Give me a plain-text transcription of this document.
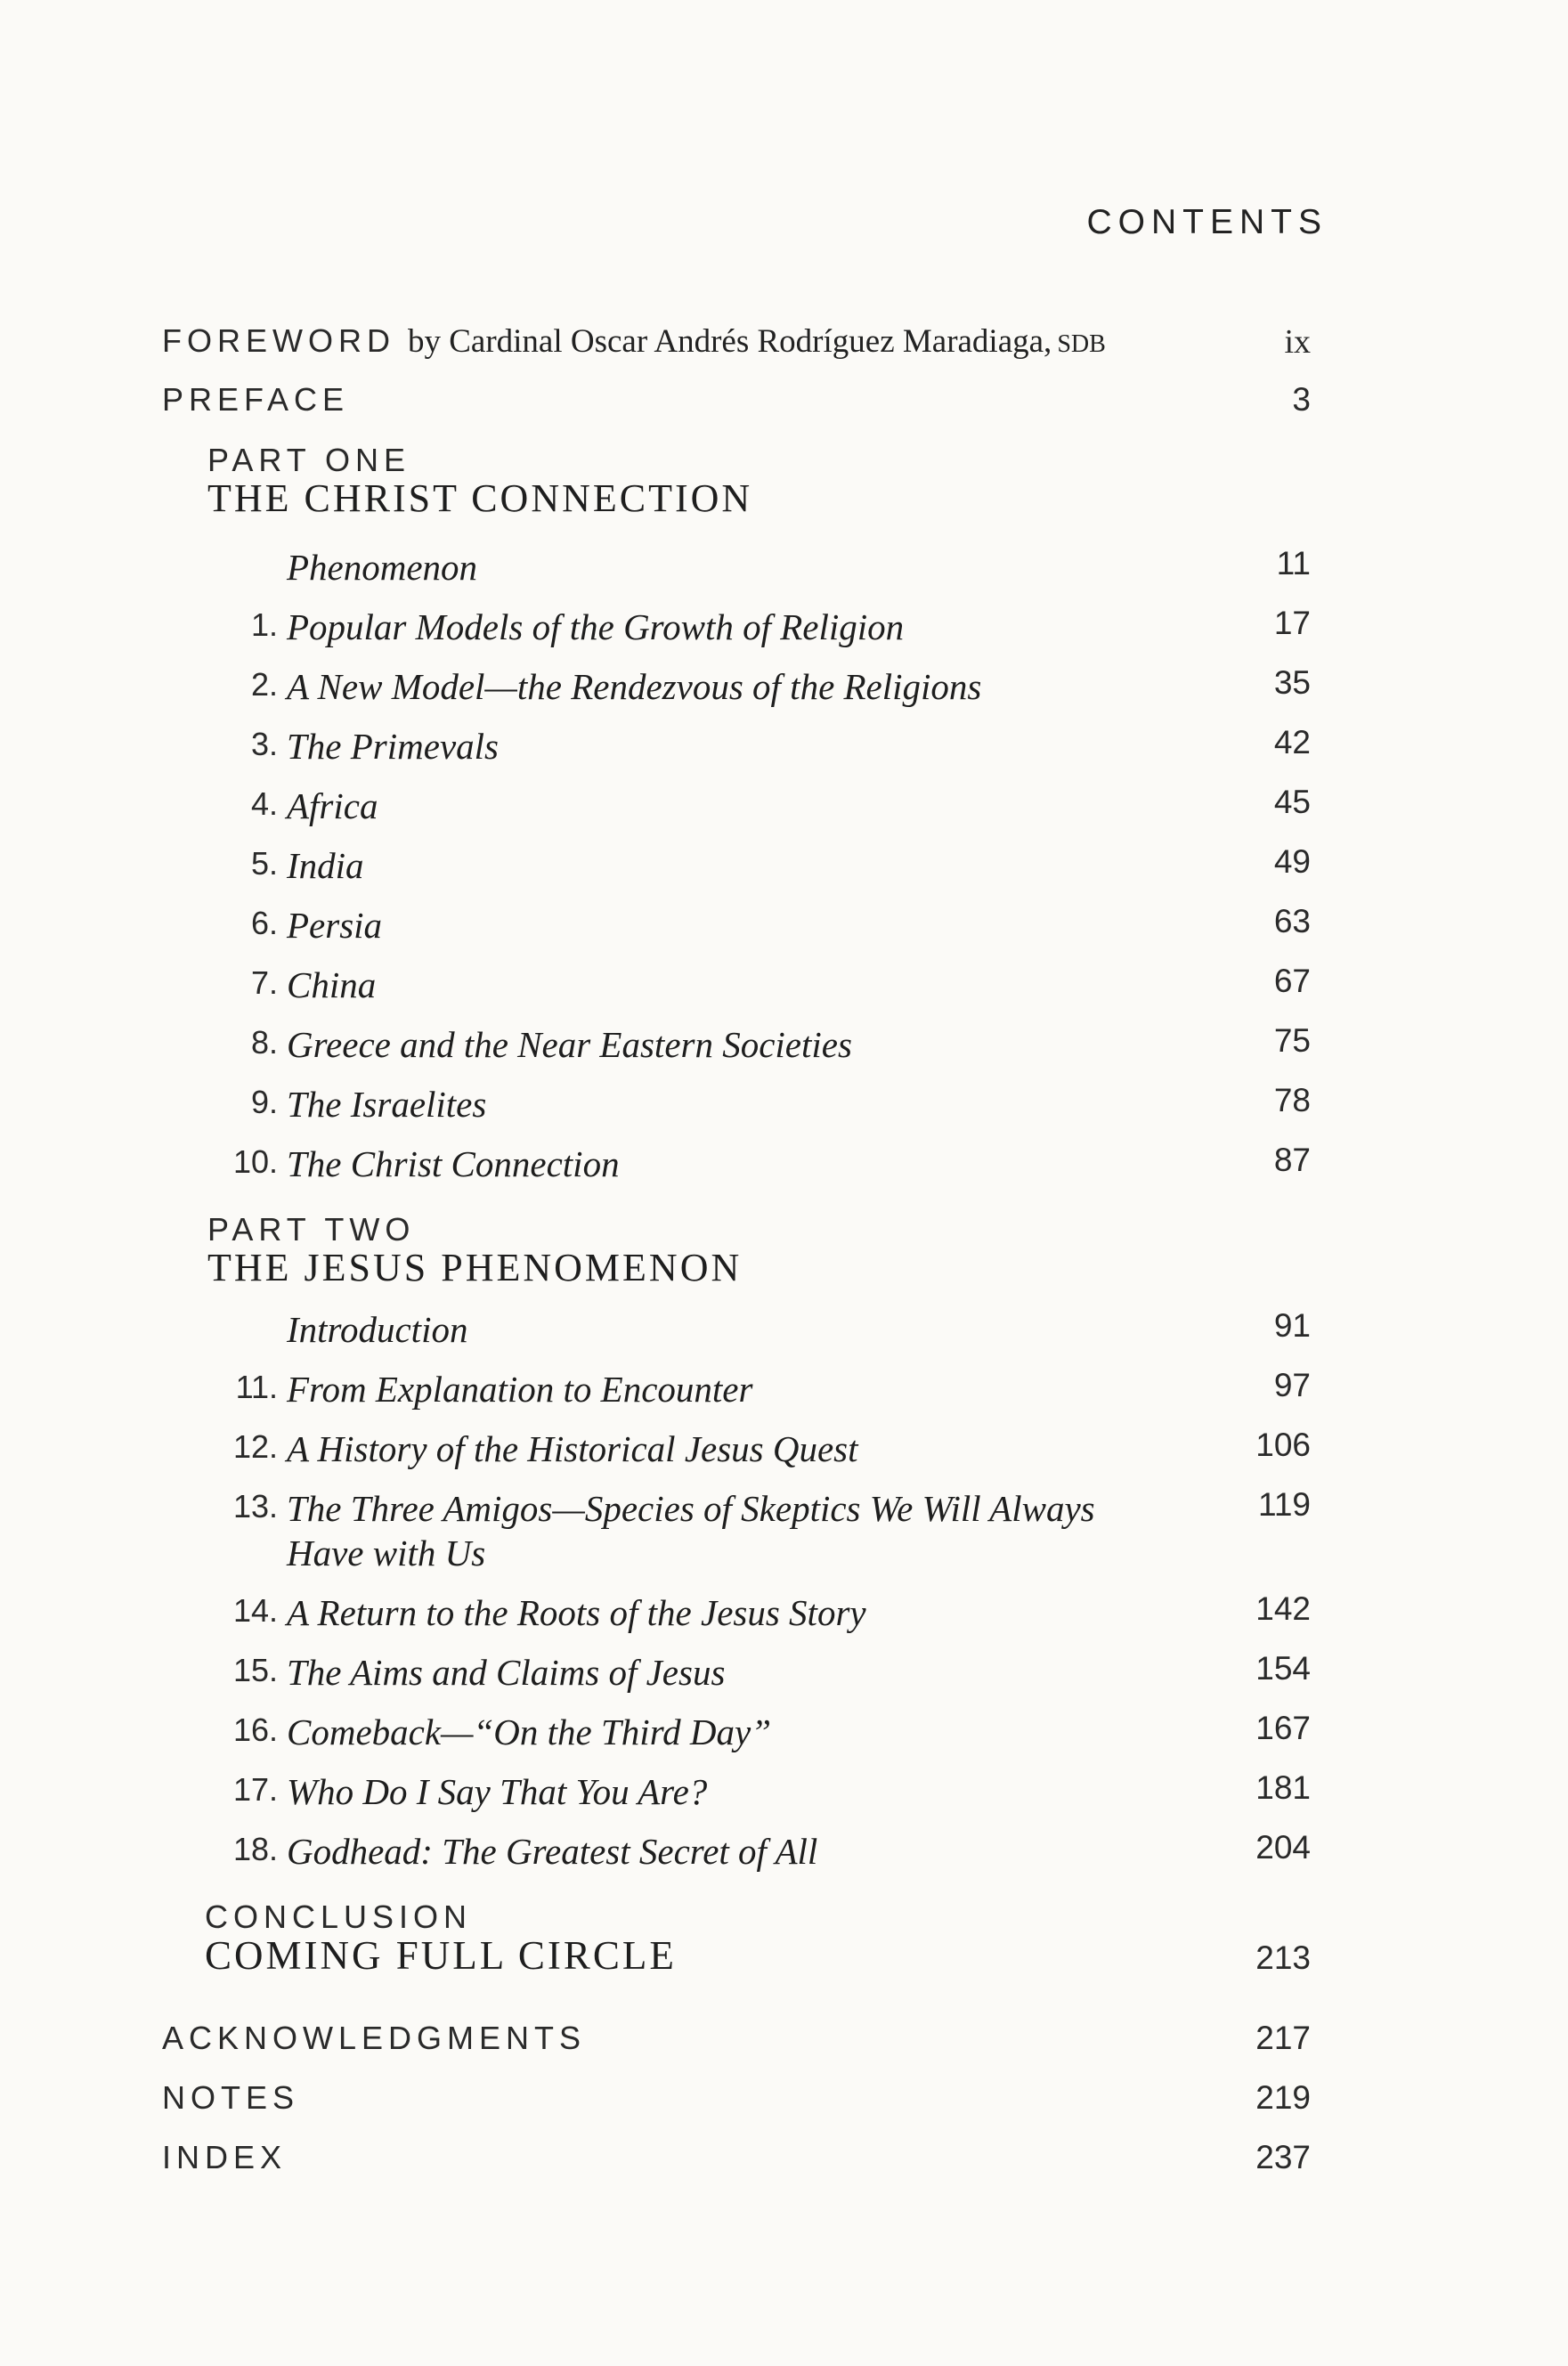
CONTENTS
FOREWORD by Cardinal Oscar Andrés Rodríguez Maradiaga, SDB	ix
PREFACE	3
PART ONE
THE CHRIST CONNECTION
Phenomenon	11
1. Popular Models of the Growth of Religion	17
2. A New Model—the Rendezvous of the Religions	35
3. The Primevals	42
4. Africa	45
5. India	49
6. Persia	63
7. China	67
8. Greece and the Near Eastern Societies	75
9. The Israelites	78
10. The Christ Connection	87
PART TWO
THE JESUS PHENOMENON
Introduction	91
11. From Explanation to Encounter	97
12. A History of the Historical Jesus Quest	106
13. The Three Amigos—Species of Skeptics We Will Always
Have with Us
119
14. A Return to the Roots of the Jesus Story	142
15. The Aims and Claims of Jesus	154
16. Comeback—“On the Third Day”	167
17. Who Do I Say That You Are?	181
18. Godhead: The Greatest Secret of All	204
CONCLUSION
COMING FULL CIRCLE	213
ACKNOWLEDGMENTS	217
NOTES	219
INDEX	237
